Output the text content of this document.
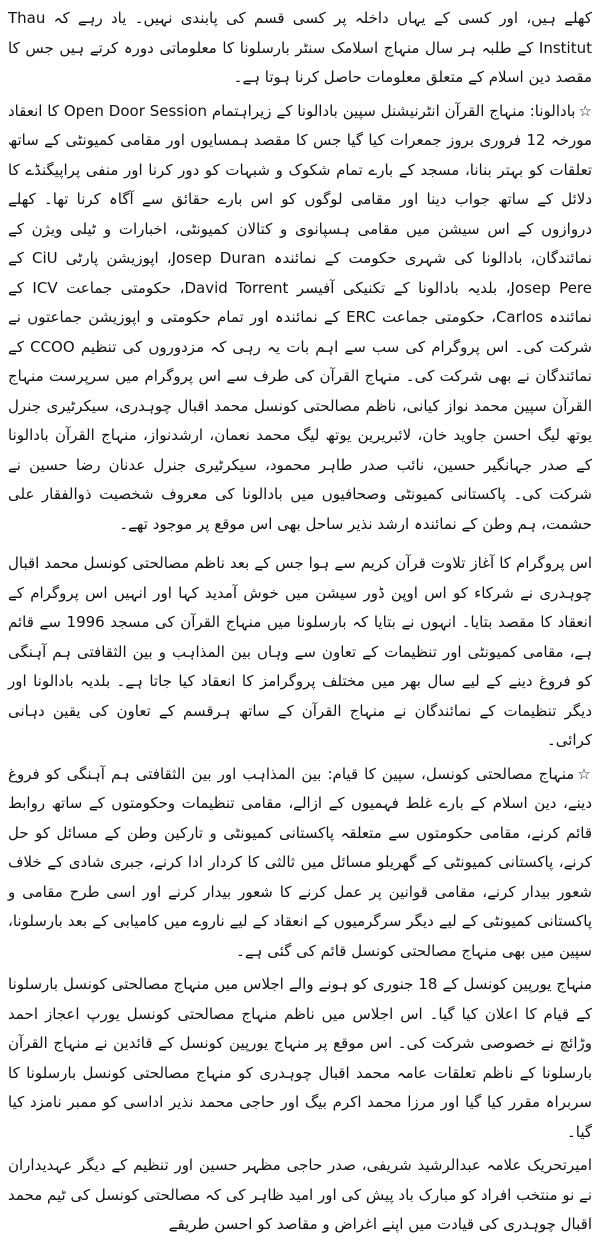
کھلے ہیں، اور کسی کے یہاں داخلہ پر کسی قسم کی پابندی نہیں۔ یاد رہے کہ Thau Institut کے طلبہ ہر سال منہاج اسلامک سنٹر بارسلونا کا معلوماتی دورہ کرتے ہیں جس کا مقصد دین اسلام کے متعلق معلومات حاصل کرنا ہوتا ہے۔

☆بادالونا: منہاج القرآن انٹرنیشنل سپین بادالونا کے زیراہتمام Open Door Session کا انعقاد مورخہ 12 فروری بروز جمعرات کیا گیا جس کا مقصد ہمسایوں اور مقامی کمیونٹی کے ساتھ تعلقات کو بہتر بنانا، مسجد کے بارے تمام شکوک و شبہات کو دور کرنا اور منفی پراپیگنڈے کا دلائل کے ساتھ جواب دینا اور مقامی لوگوں کو اس بارے حقائق سے آگاہ کرنا تھا۔ کھلے دروازوں کے اس سیشن میں مقامی ہسپانوی و کتالان کمیونٹی، اخبارات و ٹیلی ویژن کے نمائندگان، بادالونا کی شہری حکومت کے نمائندہ Josep Duran، اپوزیشن پارٹی CiU کے Josep Pere، بلدیہ بادالونا کے تکنیکی آفیسر David Torrent، حکومتی جماعت ICV کے نمائندہ Carlos، حکومتی جماعت ERC کے نمائندہ اور تمام حکومتی و اپوزیشن جماعتوں نے شرکت کی۔ اس پروگرام کی سب سے اہم بات یہ رہی کہ مزدوروں کی تنظیم CCOO کے نمائندگان نے بھی شرکت کی۔ منہاج القرآن کی طرف سے اس پروگرام میں سرپرست منہاج القرآن سپین محمد نواز کیانی، ناظم مصالحتی کونسل محمد اقبال چوہدری، سیکرٹیری جنرل یوتھ لیگ احسن جاوید خان، لائبریرین یوتھ لیگ محمد نعمان، ارشدنواز، منہاج القرآن بادالونا کے صدر جہانگیر حسین، نائب صدر طاہر محمود، سیکرٹیری جنرل عدنان رضا حسین نے شرکت کی۔ پاکستانی کمیونٹی وصحافیوں میں بادالونا کی معروف شخصیت ذوالفقار علی حشمت، ہم وطن کے نمائندہ ارشد نذیر ساحل بھی اس موقع پر موجود تھے۔

اس پروگرام کا آغاز تلاوت قرآن کریم سے ہوا جس کے بعد ناظم مصالحتی کونسل محمد اقبال چوہدری نے شرکاء کو اس اوپن ڈور سیشن میں خوش آمدید کہا اور انہیں اس پروگرام کے انعقاد کا مقصد بتایا۔ انہوں نے بتایا کہ بارسلونا میں منہاج القرآن کی مسجد 1996 سے قائم ہے، مقامی کمیونٹی اور تنظیمات کے تعاون سے وہاں بین المذاہب و بین الثقافتی ہم آہنگی کو فروغ دینے کے لیے سال بھر میں مختلف پروگرامز کا انعقاد کیا جاتا ہے۔ بلدیہ بادالونا اور دیگر تنظیمات کے نمائندگان نے منہاج القرآن کے ساتھ ہرقسم کے تعاون کی یقین دہانی کرائی۔

☆منہاج مصالحتی کونسل، سپین کا قیام: بین المذاہب اور بین الثقافتی ہم آہنگی کو فروغ دینے، دین اسلام کے بارے غلط فہمیوں کے ازالے، مقامی تنظیمات وحکومتوں کے ساتھ روابط قائم کرنے، مقامی حکومتوں سے متعلقہ پاکستانی کمیونٹی و تارکین وطن کے مسائل کو حل کرنے، پاکستانی کمیونٹی کے گھریلو مسائل میں ثالثی کا کردار ادا کرنے، جبری شادی کے خلاف شعور بیدار کرنے، مقامی قوانین پر عمل کرنے کا شعور بیدار کرنے اور اسی طرح مقامی و پاکستانی کمیونٹی کے لیے دیگر سرگرمیوں کے انعقاد کے لیے ناروے میں کامیابی کے بعد بارسلونا، سپین میں بھی منہاج مصالحتی کونسل قائم کی گئی ہے۔

منہاج یورپین کونسل کے 18 جنوری کو ہونے والے اجلاس میں منہاج مصالحتی کونسل بارسلونا کے قیام کا اعلان کیا گیا۔ اس اجلاس میں ناظم منہاج مصالحتی کونسل یورپ اعجاز احمد وڑائچ نے خصوصی شرکت کی۔ اس موقع پر منہاج یورپین کونسل کے قائدین نے منہاج القرآن بارسلونا کے ناظم تعلقات عامہ محمد اقبال چوہدری کو منہاج مصالحتی کونسل بارسلونا کا سربراہ مقرر کیا گیا اور مرزا محمد اکرم بیگ اور حاجی محمد نذیر اداسی کو ممبر نامزد کیا گیا۔

امیرتحریک علامہ عبدالرشید شریفی، صدر حاجی مظہر حسین اور تنظیم کے دیگر عہدیداران نے نو منتخب افراد کو مبارک باد پیش کی اور امید ظاہر کی کہ مصالحتی کونسل کی ٹیم محمد اقبال چوہدری کی قیادت میں اپنے اغراض و مقاصد کو احسن طریقے
